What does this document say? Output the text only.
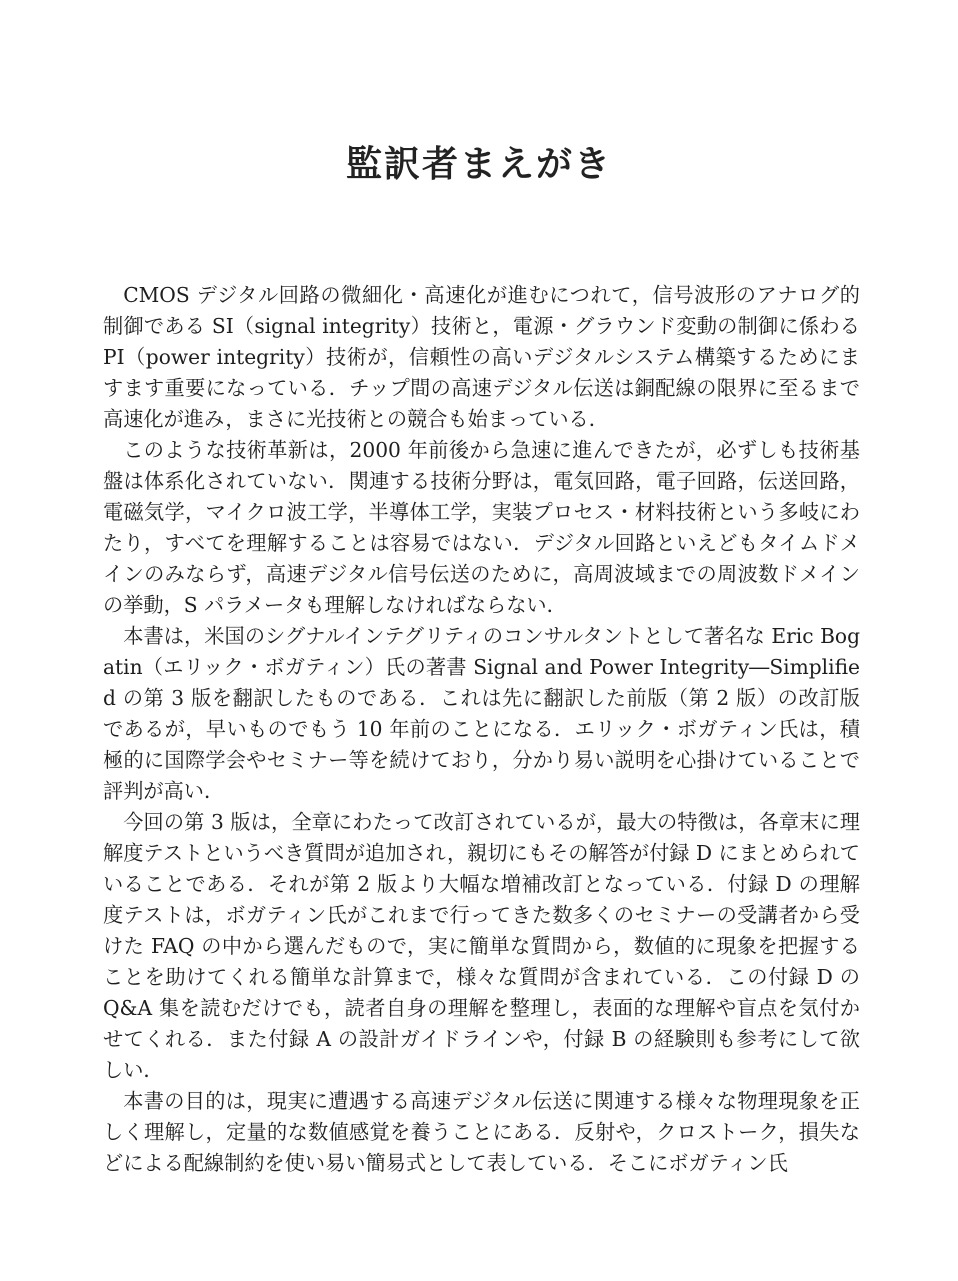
監訳者まえがき

CMOS デジタル回路の微細化・高速化が進むにつれて，信号波形のアナログ的制御である SI（signal integrity）技術と，電源・グラウンド変動の制御に係わる PI（power integrity）技術が，信頼性の高いデジタルシステム構築するためにますます重要になっている．チップ間の高速デジタル伝送は銅配線の限界に至るまで高速化が進み，まさに光技術との競合も始まっている．

このような技術革新は，2000 年前後から急速に進んできたが，必ずしも技術基盤は体系化されていない．関連する技術分野は，電気回路，電子回路，伝送回路，電磁気学，マイクロ波工学，半導体工学，実装プロセス・材料技術という多岐にわたり，すべてを理解することは容易ではない．デジタル回路といえどもタイムドメインのみならず，高速デジタル信号伝送のために，高周波域までの周波数ドメインの挙動，S パラメータも理解しなければならない．

本書は，米国のシグナルインテグリティのコンサルタントとして著名な Eric Bogatin（エリック・ボガティン）氏の著書 Signal and Power Integrity―Simplified の第 3 版を翻訳したものである．これは先に翻訳した前版（第 2 版）の改訂版であるが，早いものでもう 10 年前のことになる．エリック・ボガティン氏は，積極的に国際学会やセミナー等を続けており，分かり易い説明を心掛けていることで評判が高い．

今回の第 3 版は，全章にわたって改訂されているが，最大の特徴は，各章末に理解度テストというべき質問が追加され，親切にもその解答が付録 D にまとめられていることである．それが第 2 版より大幅な増補改訂となっている．付録 D の理解度テストは，ボガティン氏がこれまで行ってきた数多くのセミナーの受講者から受けた FAQ の中から選んだもので，実に簡単な質問から，数値的に現象を把握することを助けてくれる簡単な計算まで，様々な質問が含まれている．この付録 D の Q&A 集を読むだけでも，読者自身の理解を整理し，表面的な理解や盲点を気付かせてくれる．また付録 A の設計ガイドラインや，付録 B の経験則も参考にして欲しい．

本書の目的は，現実に遭遇する高速デジタル伝送に関連する様々な物理現象を正しく理解し，定量的な数値感覚を養うことにある．反射や，クロストーク，損失などによる配線制約を使い易い簡易式として表している．そこにボガティン氏
